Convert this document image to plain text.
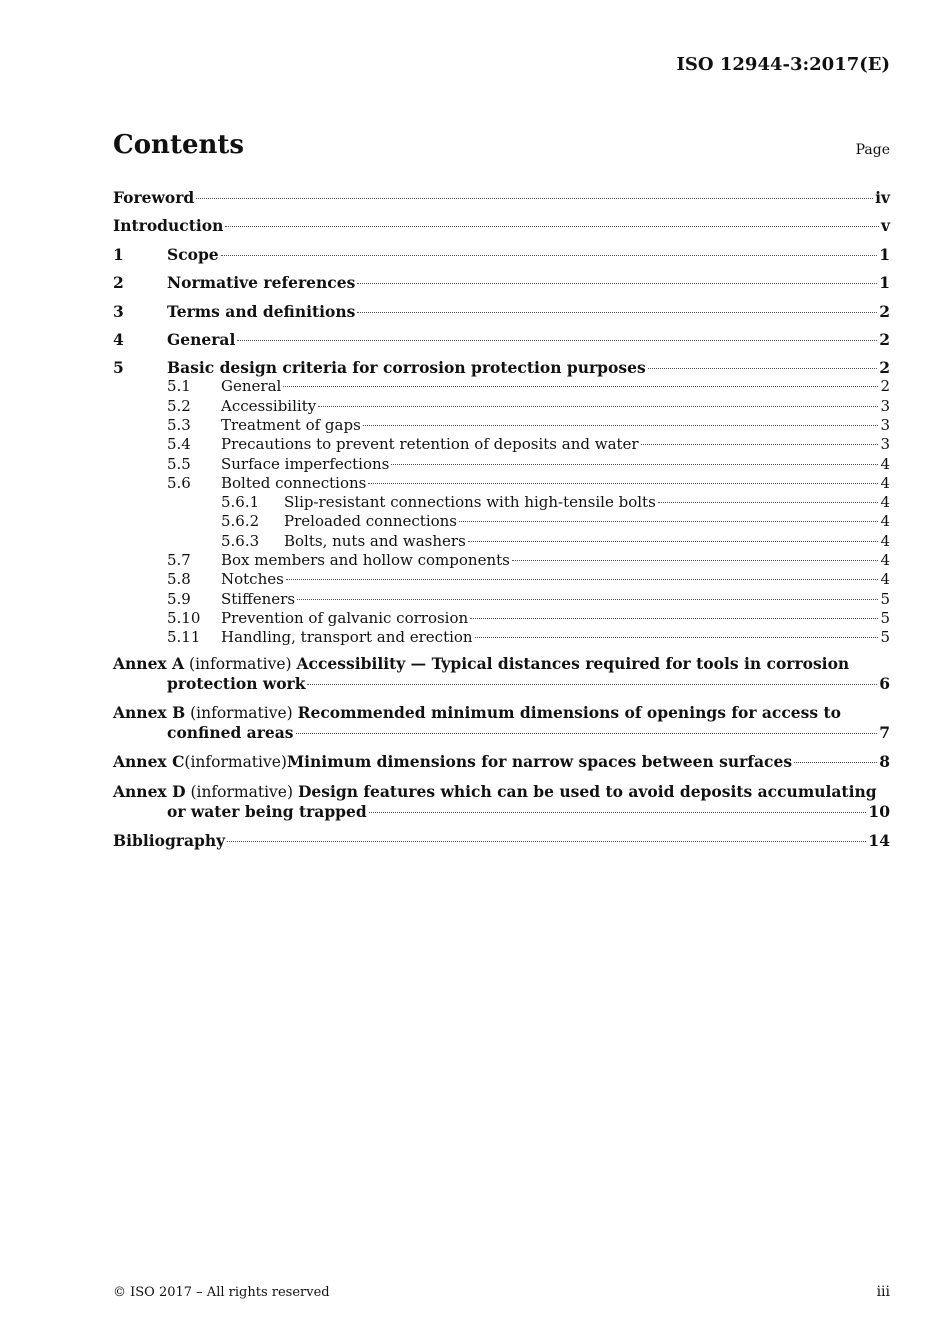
ISO 12944-3:2017(E)
Contents	Page
Foreword	iv
Introduction	v
1	Scope	1
2	Normative references	1
3	Terms and definitions	2
4	General	2
5	Basic design criteria for corrosion protection purposes	2
5.1	General	2
5.2	Accessibility	3
5.3	Treatment of gaps	3
5.4	Precautions to prevent retention of deposits and water	3
5.5	Surface imperfections	4
5.6	Bolted connections	4
5.6.1	Slip-resistant connections with high-tensile bolts	4
5.6.2	Preloaded connections	4
5.6.3	Bolts, nuts and washers	4
5.7	Box members and hollow components	4
5.8	Notches	4
5.9	Stiffeners	5
5.10	Prevention of galvanic corrosion	5
5.11	Handling, transport and erection	5
Annex A (informative) Accessibility — Typical distances required for tools in corrosion
protection work	6
Annex B (informative) Recommended minimum dimensions of openings for access to
confined areas	7
Annex C (informative) Minimum dimensions for narrow spaces between surfaces	8
Annex D (informative) Design features which can be used to avoid deposits accumulating
or water being trapped	10
Bibliography	14
© ISO 2017 – All rights reserved	iii
